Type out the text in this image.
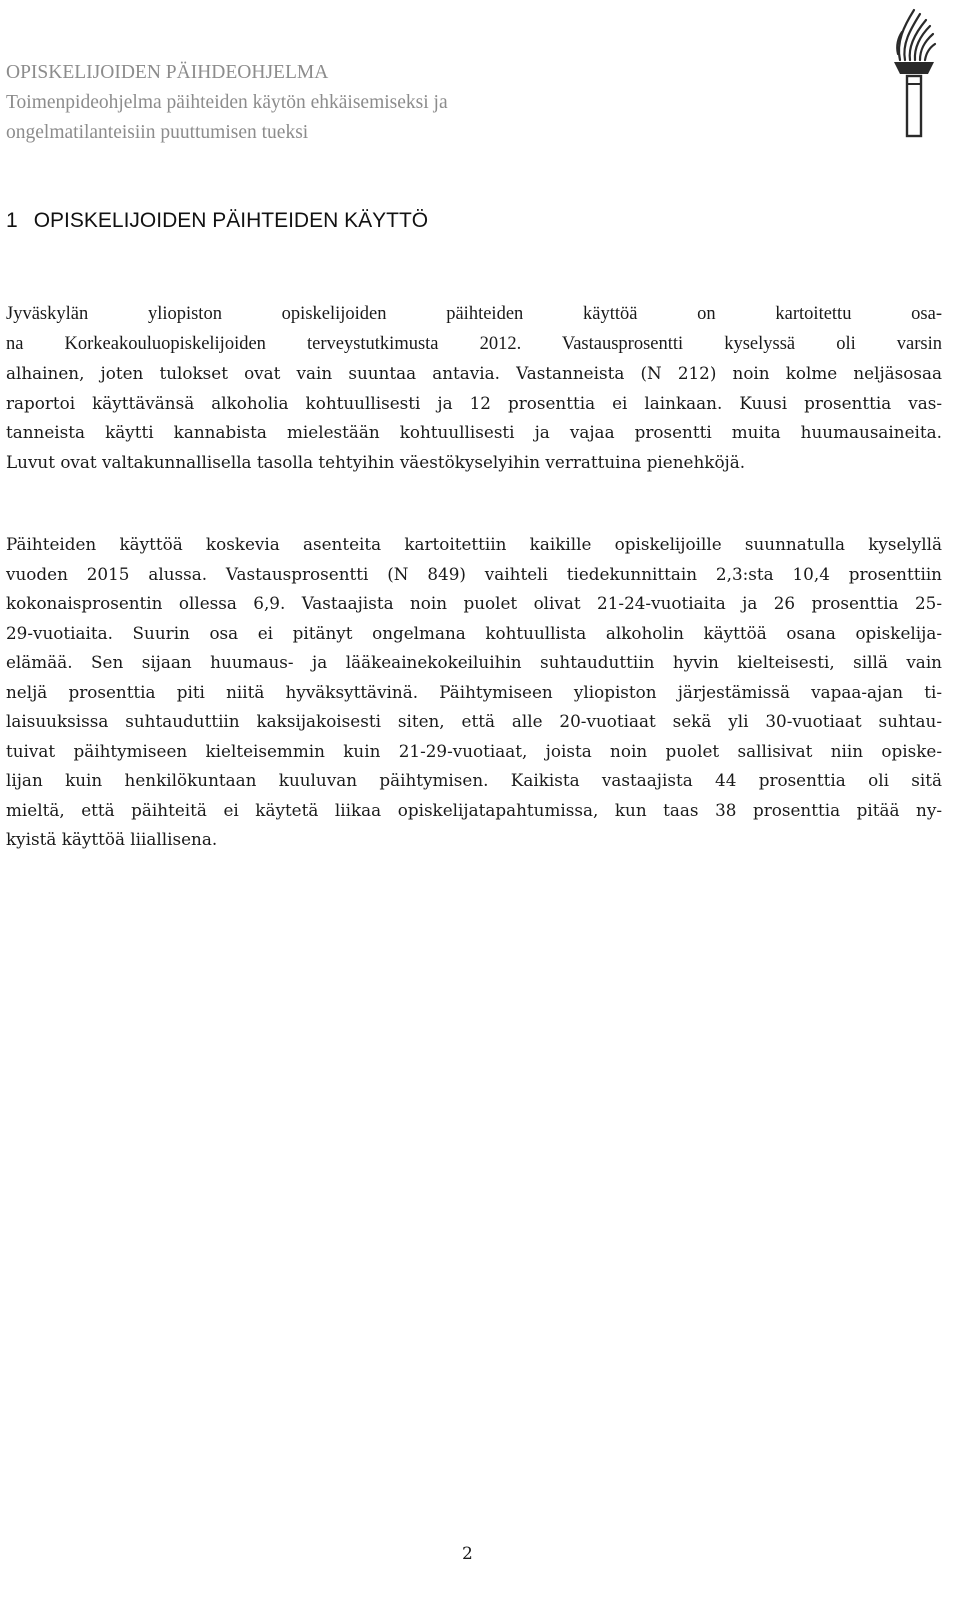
OPISKELIJOIDEN PÄIHDEOHJELMA
Toimenpideohjelma päihteiden käytön ehkäisemiseksi ja
ongelmatilanteisiin puuttumisen tueksi
1 OPISKELIJOIDEN PÄIHTEIDEN KÄYTTÖ
Jyväskylän yliopiston opiskelijoiden päihteiden käyttöä on kartoitettu osa-
na Korkeakouluopiskelijoiden terveystutkimusta 2012. Vastausprosentti kyselyssä oli varsin
alhainen, joten tulokset ovat vain suuntaa antavia. Vastanneista (N 212) noin kolme neljäsosaa
raportoi käyttävänsä alkoholia kohtuullisesti ja 12 prosenttia ei lainkaan. Kuusi prosenttia vas-
tanneista käytti kannabista mielestään kohtuullisesti ja vajaa prosentti muita huumausaineita.
Luvut ovat valtakunnallisella tasolla tehtyihin väestökyselyihin verrattuina pienehköjä.
Päihteiden käyttöä koskevia asenteita kartoitettiin kaikille opiskelijoille suunnatulla kyselyllä
vuoden 2015 alussa. Vastausprosentti (N 849) vaihteli tiedekunnittain 2,3:sta 10,4 prosenttiin
kokonaisprosentin ollessa 6,9. Vastaajista noin puolet olivat 21-24-vuotiaita ja 26 prosenttia 25-
29-vuotiaita. Suurin osa ei pitänyt ongelmana kohtuullista alkoholin käyttöä osana opiskelija-
elämää. Sen sijaan huumaus- ja lääkeainekokeiluihin suhtauduttiin hyvin kielteisesti, sillä vain
neljä prosenttia piti niitä hyväksyttävinä. Päihtymiseen yliopiston järjestämissä vapaa-ajan ti-
laisuuksissa suhtauduttiin kaksijakoisesti siten, että alle 20-vuotiaat sekä yli 30-vuotiaat suhtau-
tuivat päihtymiseen kielteisemmin kuin 21-29-vuotiaat, joista noin puolet sallisivat niin opiske-
lijan kuin henkilökuntaan kuuluvan päihtymisen. Kaikista vastaajista 44 prosenttia oli sitä
mieltä, että päihteitä ei käytetä liikaa opiskelijatapahtumissa, kun taas 38 prosenttia pitää ny-
kyistä käyttöä liiallisena.
2
